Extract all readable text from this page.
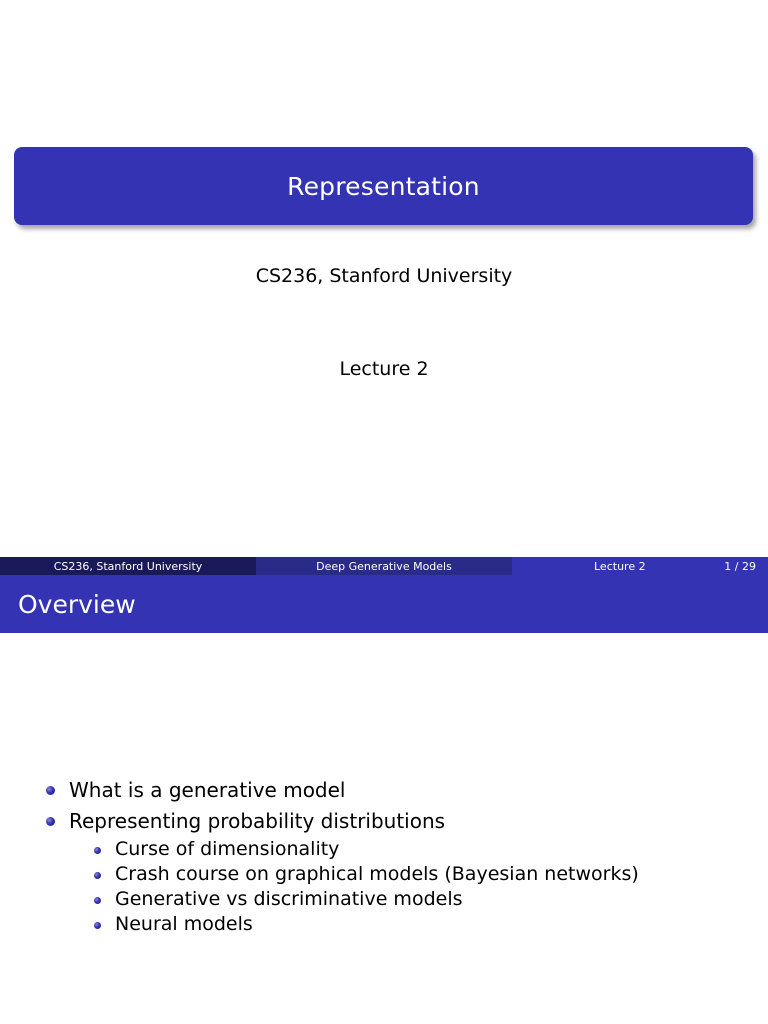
Representation
CS236, Stanford University
Lecture 2
CS236, Stanford University	Deep Generative Models	Lecture 2	1 / 29
Overview
What is a generative model
Representing probability distributions
Curse of dimensionality
Crash course on graphical models (Bayesian networks)
Generative vs discriminative models
Neural models
